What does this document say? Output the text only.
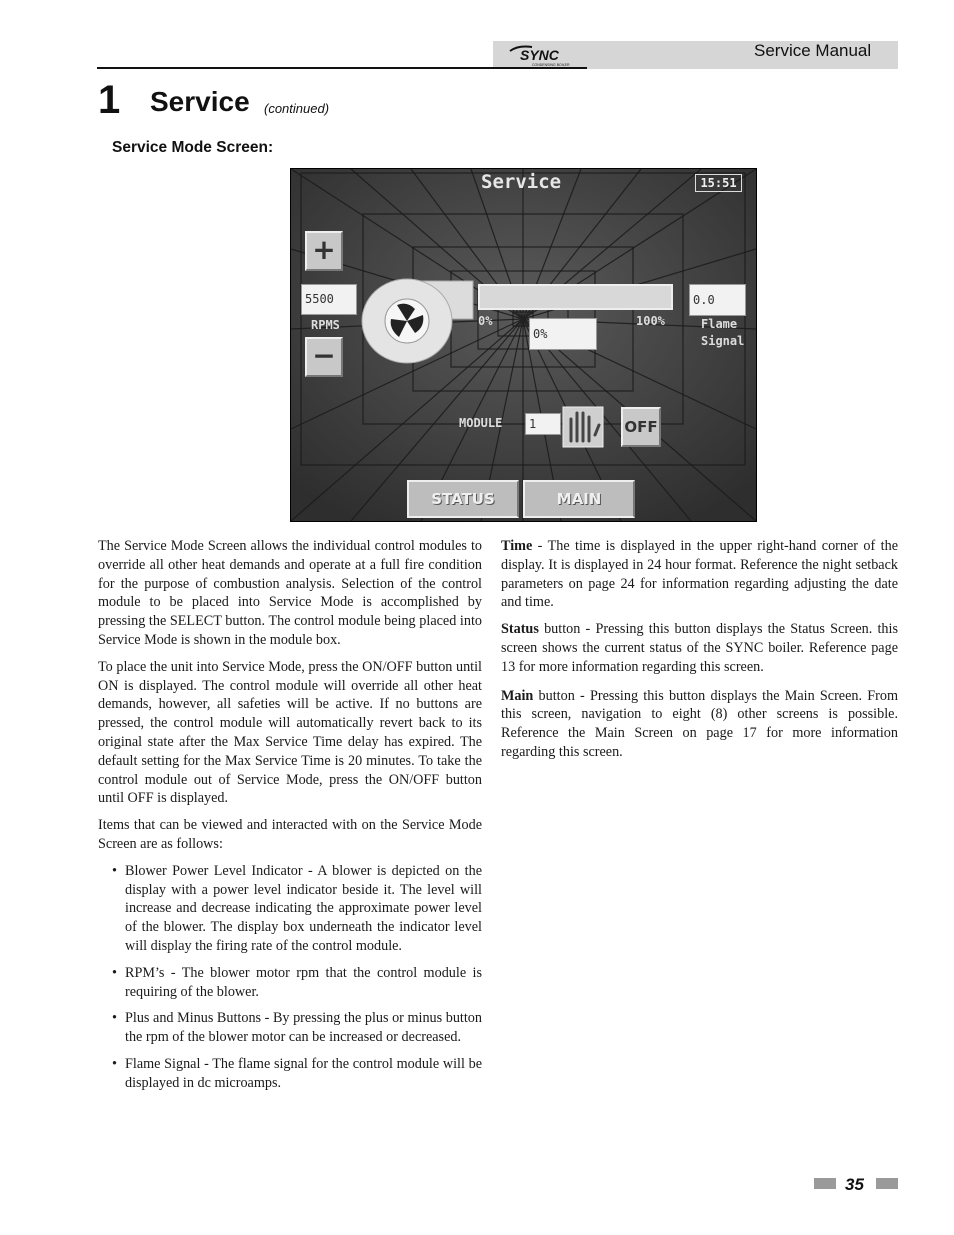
SYNC
CONDENSING BOILER
Service Manual
1 Service (continued)
Service Mode Screen:
Service	15:51
+
−
5500
RPMS	0%	100%
0%
0.0
Flame
Signal
MODULE	1	OFF
STATUS	MAIN

The Service Mode Screen allows the individual control modules to override all other heat demands and operate at a full fire condition for the purpose of combustion analysis. Selection of the control module to be placed into Service Mode is accomplished by pressing the SELECT button. The control module being placed into Service Mode is shown in the module box.

To place the unit into Service Mode, press the ON/OFF button until ON is displayed. The control module will override all other heat demands, however, all safeties will be active. If no buttons are pressed, the control module will automatically revert back to its original state after the Max Service Time delay has expired. The default setting for the Max Service Time is 20 minutes. To take the control module out of Service Mode, press the ON/OFF button until OFF is displayed.

Items that can be viewed and interacted with on the Service Mode Screen are as follows:

• Blower Power Level Indicator - A blower is depicted on the display with a power level indicator beside it. The level will increase and decrease indicating the approximate power level of the blower. The display box underneath the indicator level will display the firing rate of the control module.
• RPM’s - The blower motor rpm that the control module is requiring of the blower.
• Plus and Minus Buttons - By pressing the plus or minus button the rpm of the blower motor can be increased or decreased.
• Flame Signal - The flame signal for the control module will be displayed in dc microamps.

Time - The time is displayed in the upper right-hand corner of the display. It is displayed in 24 hour format. Reference the night setback parameters on page 24 for information regarding adjusting the date and time.

Status button - Pressing this button displays the Status Screen. this screen shows the current status of the SYNC boiler. Reference page 13 for more information regarding this screen.

Main button - Pressing this button displays the Main Screen. From this screen, navigation to eight (8) other screens is possible. Reference the Main Screen on page 17 for more information regarding this screen.

35
